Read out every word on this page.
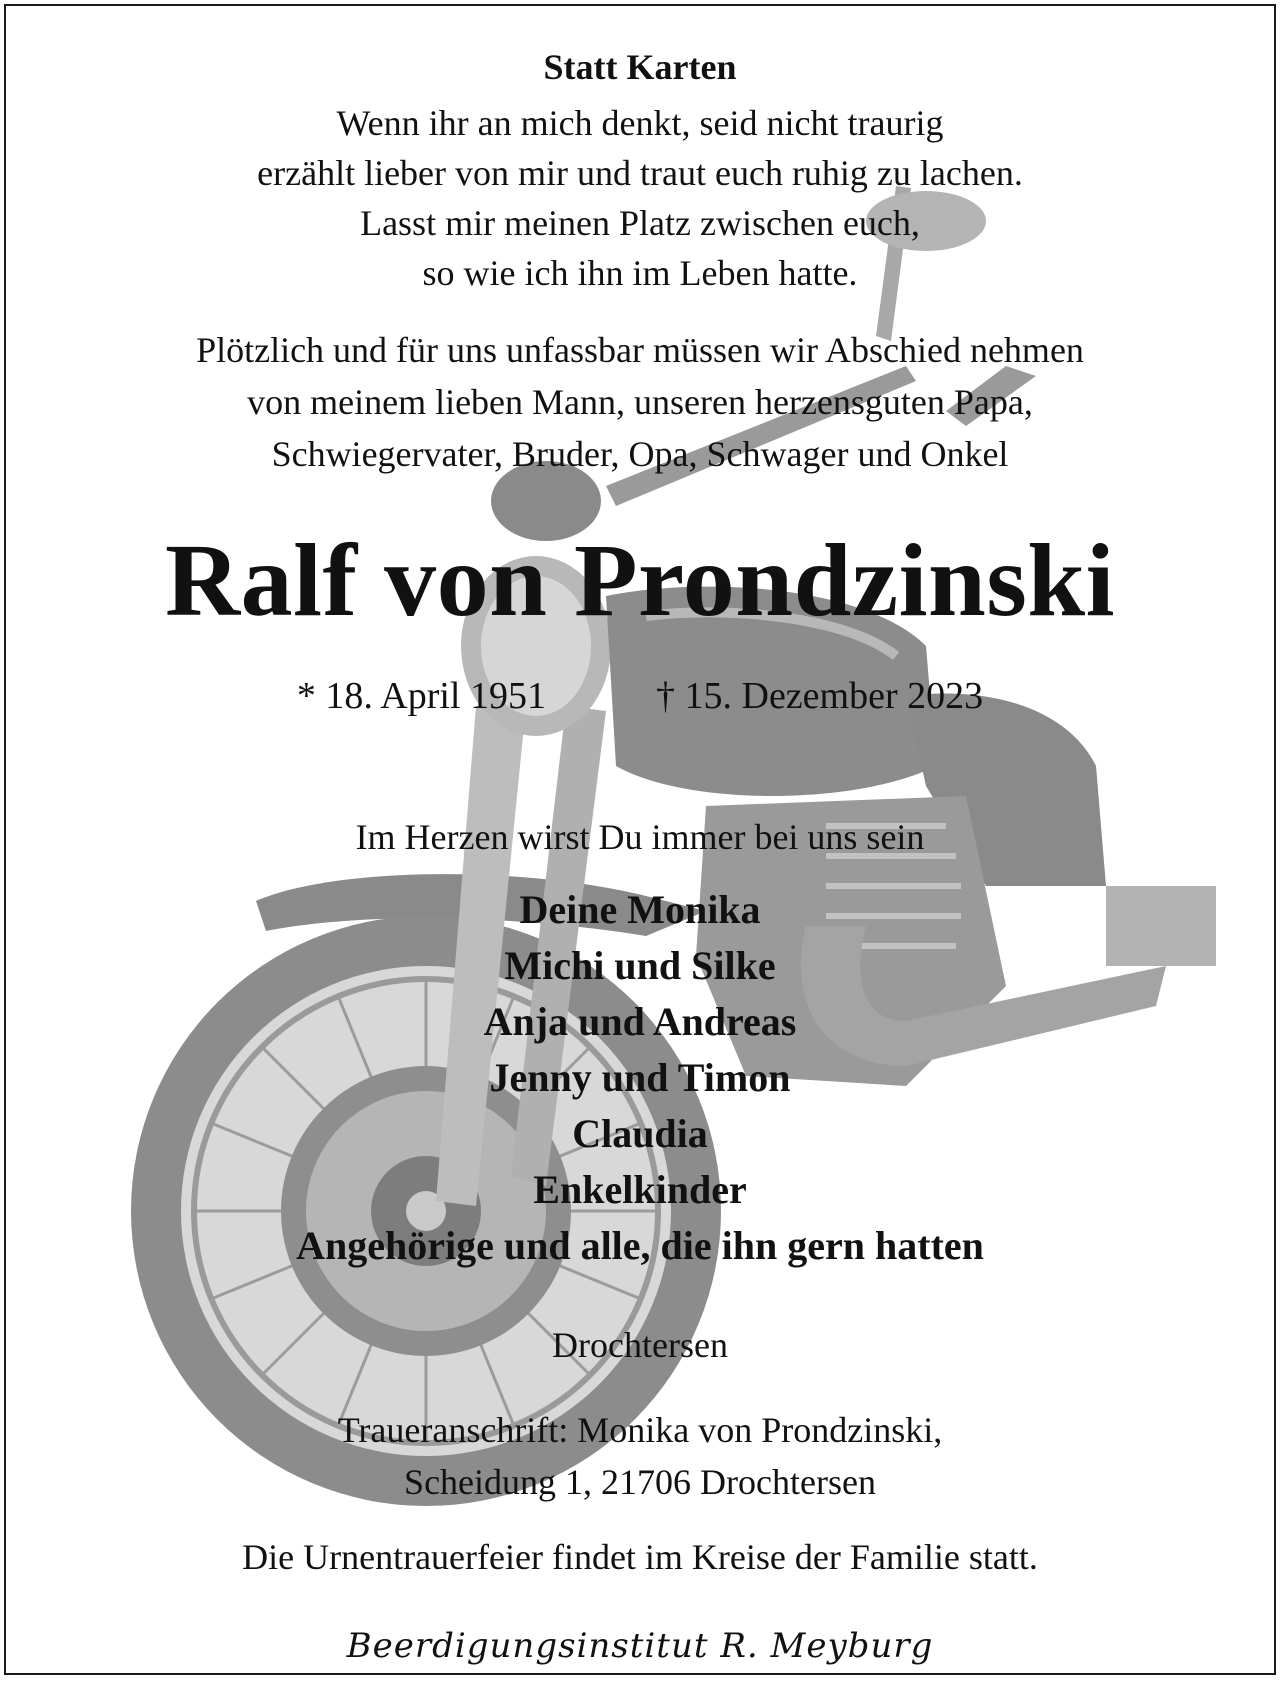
Statt Karten
Wenn ihr an mich denkt, seid nicht traurig
erzählt lieber von mir und traut euch ruhig zu lachen.
Lasst mir meinen Platz zwischen euch,
so wie ich ihn im Leben hatte.
Plötzlich und für uns unfassbar müssen wir Abschied nehmen
von meinem lieben Mann, unseren herzensguten Papa,
Schwiegervater, Bruder, Opa, Schwager und Onkel
Ralf von Prondzinski
* 18. April 1951	† 15. Dezember 2023
Im Herzen wirst Du immer bei uns sein
Deine Monika
Michi und Silke
Anja und Andreas
Jenny und Timon
Claudia
Enkelkinder
Angehörige und alle, die ihn gern hatten
Drochtersen
Traueranschrift: Monika von Prondzinski,
Scheidung 1, 21706 Drochtersen
Die Urnentrauerfeier findet im Kreise der Familie statt.
Beerdigungsinstitut R. Meyburg
